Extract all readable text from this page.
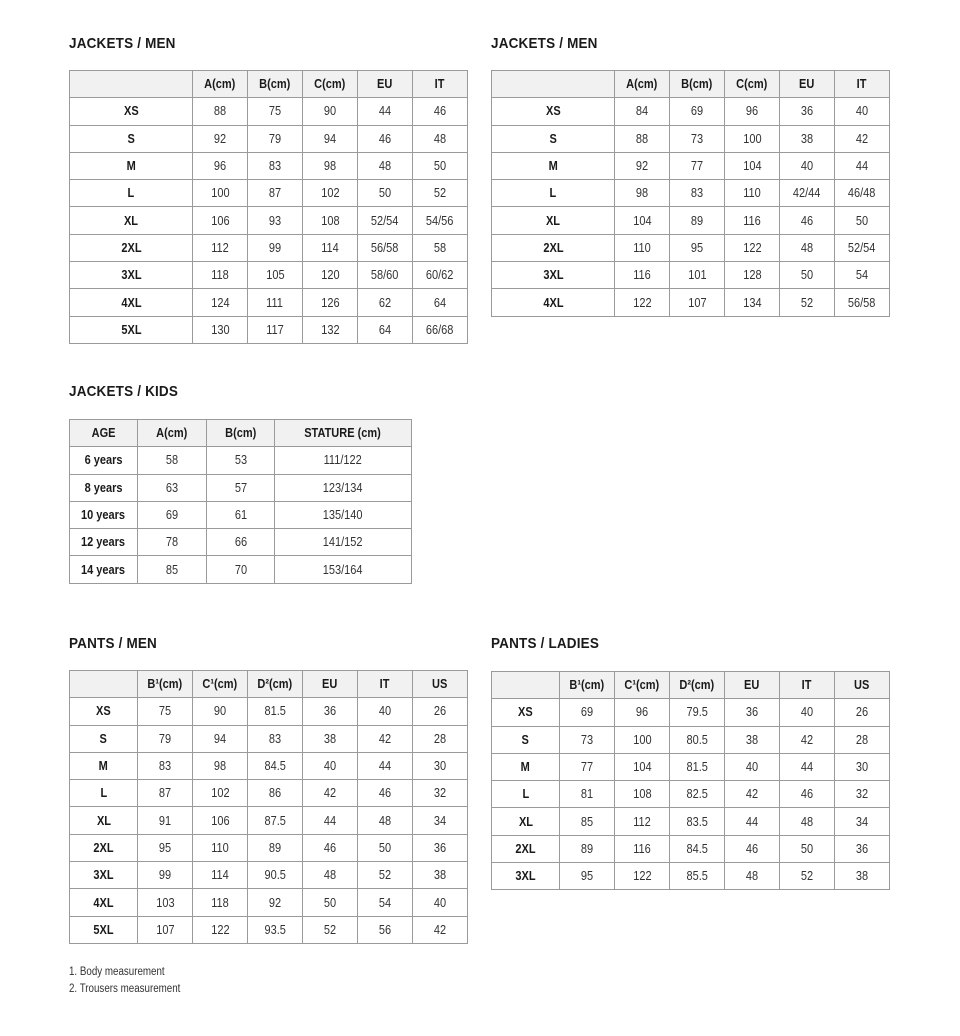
JACKETS / MEN
	A(cm)	B(cm)	C(cm)	EU	IT
XS	88	75	90	44	46
S	92	79	94	46	48
M	96	83	98	48	50
L	100	87	102	50	52
XL	106	93	108	52/54	54/56
2XL	112	99	114	56/58	58
3XL	118	105	120	58/60	60/62
4XL	124	111	126	62	64
5XL	130	117	132	64	66/68
JACKETS / MEN
	A(cm)	B(cm)	C(cm)	EU	IT
XS	84	69	96	36	40
S	88	73	100	38	42
M	92	77	104	40	44
L	98	83	110	42/44	46/48
XL	104	89	116	46	50
2XL	110	95	122	48	52/54
3XL	116	101	128	50	54
4XL	122	107	134	52	56/58
JACKETS / KIDS
AGE	A(cm)	B(cm)	STATURE (cm)
6 years	58	53	111/122
8 years	63	57	123/134
10 years	69	61	135/140
12 years	78	66	141/152
14 years	85	70	153/164
PANTS / MEN
	B¹(cm)	C¹(cm)	D²(cm)	EU	IT	US
XS	75	90	81.5	36	40	26
S	79	94	83	38	42	28
M	83	98	84.5	40	44	30
L	87	102	86	42	46	32
XL	91	106	87.5	44	48	34
2XL	95	110	89	46	50	36
3XL	99	114	90.5	48	52	38
4XL	103	118	92	50	54	40
5XL	107	122	93.5	52	56	42
PANTS / LADIES
	B¹(cm)	C¹(cm)	D²(cm)	EU	IT	US
XS	69	96	79.5	36	40	26
S	73	100	80.5	38	42	28
M	77	104	81.5	40	44	30
L	81	108	82.5	42	46	32
XL	85	112	83.5	44	48	34
2XL	89	116	84.5	46	50	36
3XL	95	122	85.5	48	52	38
1. Body measurement
2. Trousers measurement
